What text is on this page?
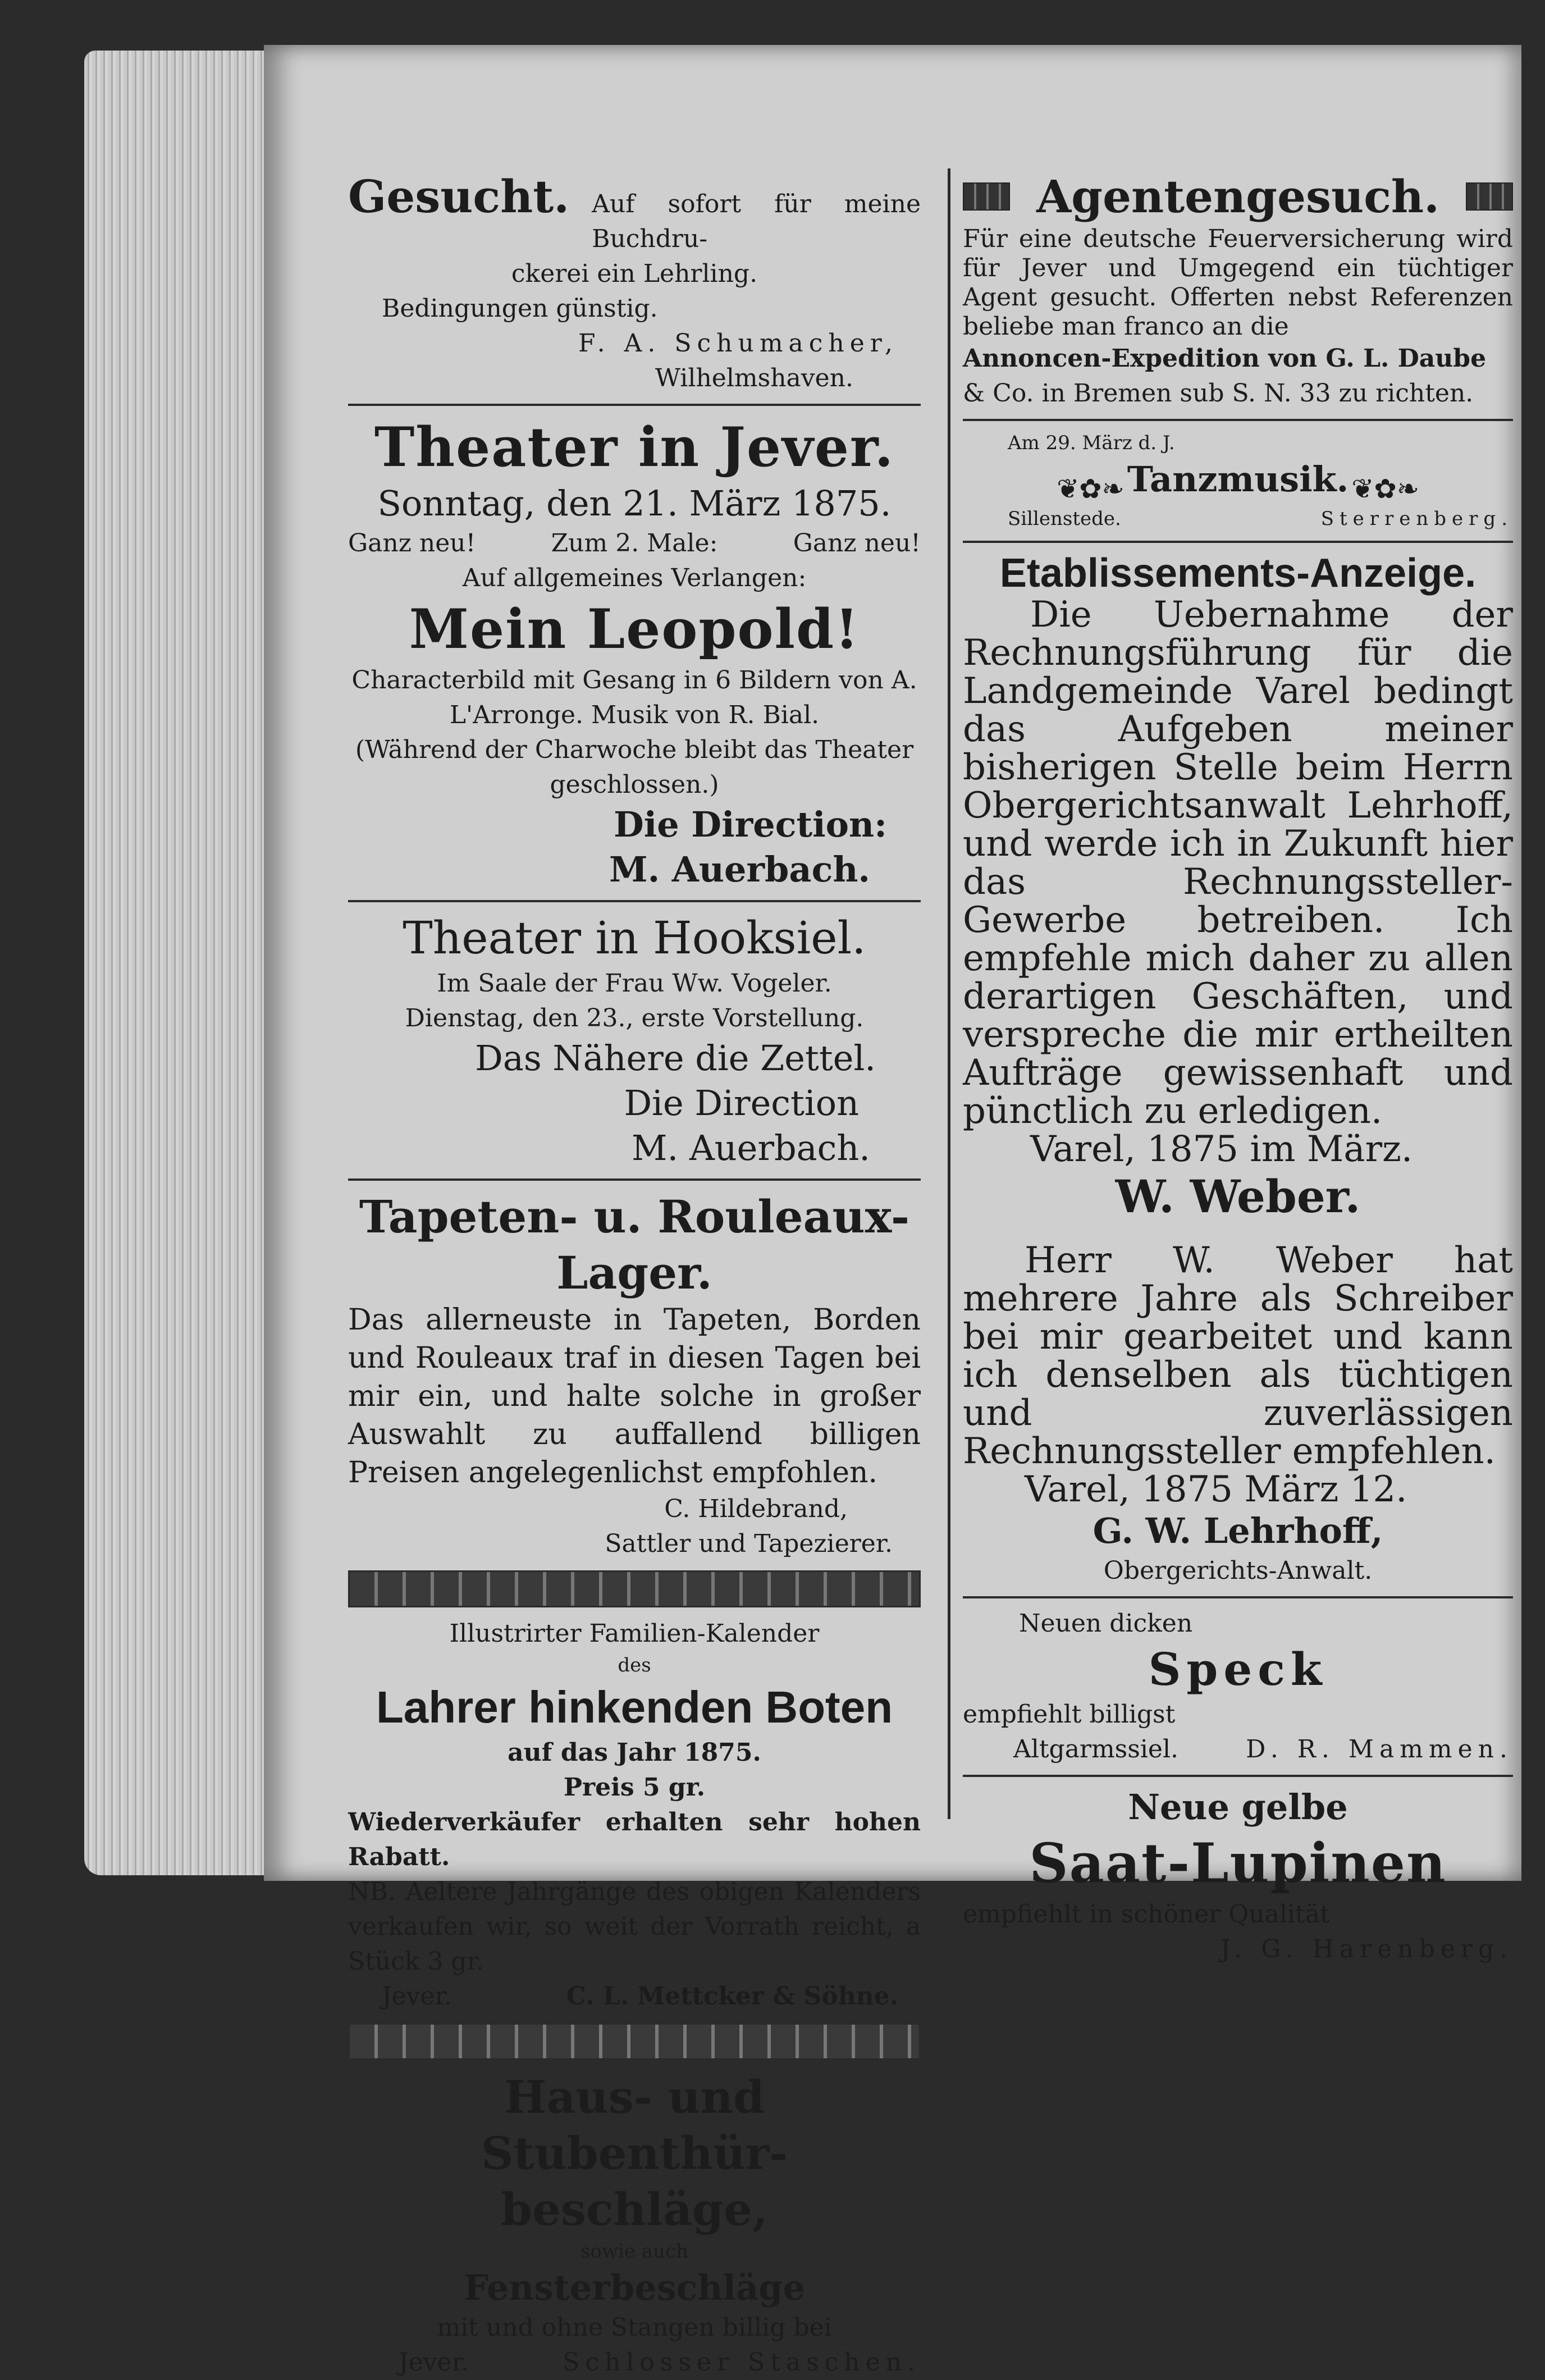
Gesucht. Auf sofort für meine Buchdru-
ckerei ein Lehrling.
Bedingungen günstig.
F. A. Schumacher,
Wilhelmshaven.
Theater in Jever.
Sonntag, den 21. März 1875.
Ganz neu!	Zum 2. Male:	Ganz neu!
Auf allgemeines Verlangen:
Mein Leopold!
Characterbild mit Gesang in 6 Bildern von A.
L'Arronge. Musik von R. Bial.
(Während der Charwoche bleibt das Theater geschlossen.)
Die Direction:
M. Auerbach.
Theater in Hooksiel.
Im Saale der Frau Ww. Vogeler.
Dienstag, den 23., erste Vorstellung.
Das Nähere die Zettel.
Die Direction
M. Auerbach.
Tapeten- u. Rouleaux-
Lager.
Das allerneuste in Tapeten, Borden und Rouleaux traf in diesen Tagen bei mir ein, und halte solche in großer Auswahlt zu auffallend billigen Preisen angelegenlichst empfohlen.
C. Hildebrand,
Sattler und Tapezierer.
Illustrirter Familien-Kalender
des
Lahrer hinkenden Boten
auf das Jahr 1875.
Preis 5 gr.
Wiederverkäufer erhalten sehr hohen Rabatt.
NB. Aeltere Jahrgänge des obigen Kalenders verkaufen wir, so weit der Vorrath reicht, a Stück 3 gr.
Jever.	C. L. Mettcker & Söhne.
Haus- und Stubenthür-
beschläge,
sowie auch
Fensterbeschläge
mit und ohne Stangen billig bei
Jever.	Schlosser Staschen.
Agentengesuch.
Für eine deutsche Feuerversicherung wird für Jever und Umgegend ein tüchtiger Agent gesucht. Offerten nebst Referenzen beliebe man franco an die
Annoncen-Expedition von G. L. Daube
& Co. in Bremen sub S. N. 33 zu richten.
Am 29. März d. J.
❦✿❧ Tanzmusik. ❦✿❧
Sillenstede.	Sterrenberg.
Etablissements-Anzeige.
Die Uebernahme der Rechnungsführung für die Landgemeinde Varel bedingt das Aufgeben meiner bisherigen Stelle beim Herrn Obergerichtsanwalt Lehrhoff, und werde ich in Zukunft hier das Rechnungssteller-Gewerbe betreiben. Ich empfehle mich daher zu allen derartigen Geschäften, und verspreche die mir ertheilten Aufträge gewissenhaft und pünctlich zu erledigen.
Varel, 1875 im März.
W. Weber.
Herr W. Weber hat mehrere Jahre als Schreiber bei mir gearbeitet und kann ich denselben als tüchtigen und zuverlässigen Rechnungssteller empfehlen.
Varel, 1875 März 12.
G. W. Lehrhoff,
Obergerichts-Anwalt.
Neuen dicken
Speck
empfiehlt billigst
Altgarmssiel.	D. R. Mammen.
Neue gelbe
Saat-Lupinen
empfiehlt in schöner Qualität
J. G. Harenberg.
